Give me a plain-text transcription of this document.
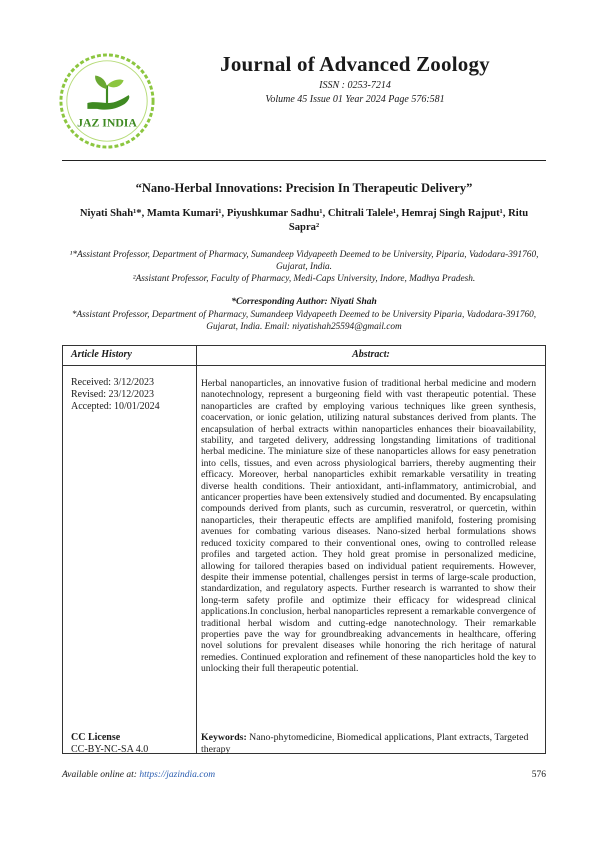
JAZ INDIA
Journal of Advanced Zoology
ISSN : 0253-7214
Volume 45 Issue 01 Year 2024 Page 576:581
“Nano-Herbal Innovations: Precision In Therapeutic Delivery”
Niyati Shah¹*, Mamta Kumari¹, Piyushkumar Sadhu¹, Chitrali Talele¹, Hemraj Singh Rajput¹, Ritu
Sapra²
¹*Assistant Professor, Department of Pharmacy, Sumandeep Vidyapeeth Deemed to be University, Piparia, Vadodara-391760, Gujarat, India.
²Assistant Professor, Faculty of Pharmacy, Medi-Caps University, Indore, Madhya Pradesh.
*Corresponding Author: Niyati Shah
*Assistant Professor, Department of Pharmacy, Sumandeep Vidyapeeth Deemed to be University Piparia, Vadodara-391760, Gujarat, India. Email: niyatishah25594@gmail.com
Article History	Abstract:
Received: 3/12/2023
Revised: 23/12/2023
Accepted: 10/01/2024
Herbal nanoparticles, an innovative fusion of traditional herbal medicine and modern nanotechnology, represent a burgeoning field with vast therapeutic potential. These nanoparticles are crafted by employing various techniques like green synthesis, coacervation, or ionic gelation, utilizing natural substances derived from plants. The encapsulation of herbal extracts within nanoparticles enhances their bioavailability, stability, and targeted delivery, addressing longstanding limitations of traditional herbal medicine. The miniature size of these nanoparticles allows for easy penetration into cells, tissues, and even across physiological barriers, thereby augmenting their efficacy. Moreover, herbal nanoparticles exhibit remarkable versatility in treating diverse health conditions. Their antioxidant, anti-inflammatory, antimicrobial, and anticancer properties have been extensively studied and documented. By encapsulating compounds derived from plants, such as curcumin, resveratrol, or quercetin, within nanoparticles, their therapeutic effects are amplified manifold, fostering promising avenues for combating various diseases. Nano-sized herbal formulations shows reduced toxicity compared to their conventional ones, owing to controlled release profiles and targeted action. They hold great promise in personalized medicine, allowing for tailored therapies based on individual patient requirements. However, despite their immense potential, challenges persist in terms of large-scale production, standardization, and regulatory aspects. Further research is warranted to show their long-term safety profile and optimize their efficacy for widespread clinical applications.In conclusion, herbal nanoparticles represent a remarkable convergence of traditional herbal wisdom and cutting-edge nanotechnology. Their remarkable properties pave the way for groundbreaking advancements in healthcare, offering novel solutions for prevalent diseases while honoring the rich heritage of natural remedies. Continued exploration and refinement of these nanoparticles hold the key to unlocking their full therapeutic potential.
CC License
CC-BY-NC-SA 4.0
Keywords: Nano-phytomedicine, Biomedical applications, Plant extracts, Targeted therapy
Available online at: https://jazindia.com	576
